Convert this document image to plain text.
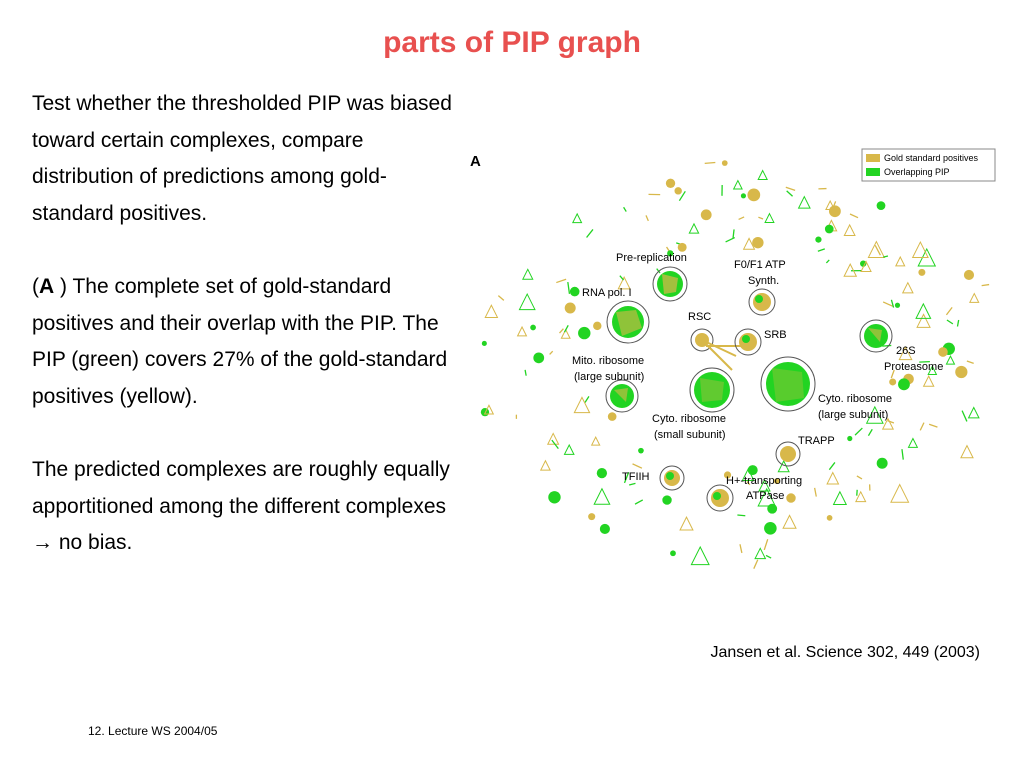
parts of PIP graph

Test whether the thresholded PIP was biased toward certain complexes, compare distribution of predictions among gold-standard positives.

(A ) The complete set of gold-standard positives and their overlap with the PIP. The PIP (green) covers 27% of the gold-standard positives (yellow).

The predicted complexes are roughly equally apportitioned among the different complexes → no bias.

A	Gold standard positives
Overlapping PIP
Pre-replication
F0/F1 ATP
Synth.
RNA pol. I
RSC
SRB
26S
Proteasome
Mito. ribosome
(large subunit)
Cyto. ribosome
(large subunit)
Cyto. ribosome
(small subunit)	TRAPP
TFIIH	H+-transporting
ATPase
Jansen et al. Science 302, 449 (2003)
12. Lecture WS 2004/05
